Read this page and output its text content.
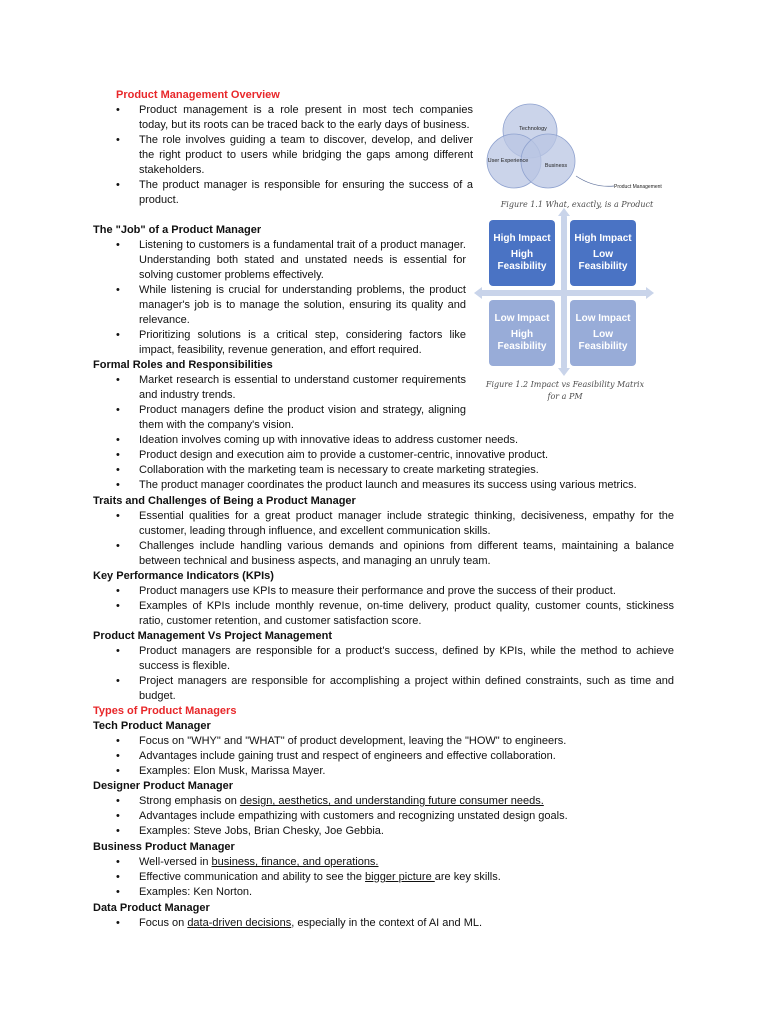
Product Management Overview
• Product management is a role present in most tech companies today, but its roots can be traced back to the early days of business.
• The role involves guiding a team to discover, develop, and deliver the right product to users while bridging the gaps among different stakeholders.
• The product manager is responsible for ensuring the success of a product.
The "Job" of a Product Manager
• Listening to customers is a fundamental trait of a product manager. Understanding both stated and unstated needs is essential for solving customer problems effectively.
• While listening is crucial for understanding problems, the product manager's job is to manage the solution, ensuring its quality and relevance.
• Prioritizing solutions is a critical step, considering factors like impact, feasibility, revenue generation, and effort required.
Formal Roles and Responsibilities
• Market research is essential to understand customer requirements and industry trends.
• Product managers define the product vision and strategy, aligning them with the company's vision.
• Ideation involves coming up with innovative ideas to address customer needs.
• Product design and execution aim to provide a customer-centric, innovative product.
• Collaboration with the marketing team is necessary to create marketing strategies.
• The product manager coordinates the product launch and measures its success using various metrics.
Traits and Challenges of Being a Product Manager
• Essential qualities for a great product manager include strategic thinking, decisiveness, empathy for the customer, leading through influence, and excellent communication skills.
• Challenges include handling various demands and opinions from different teams, maintaining a balance between technical and business aspects, and managing an unruly team.
Key Performance Indicators (KPIs)
• Product managers use KPIs to measure their performance and prove the success of their product.
• Examples of KPIs include monthly revenue, on-time delivery, product quality, customer counts, stickiness ratio, customer retention, and customer satisfaction score.
Product Management Vs Project Management
• Product managers are responsible for a product's success, defined by KPIs, while the method to achieve success is flexible.
• Project managers are responsible for accomplishing a project within defined constraints, such as time and budget.
Types of Product Managers
Tech Product Manager
• Focus on "WHY" and "WHAT" of product development, leaving the "HOW" to engineers.
• Advantages include gaining trust and respect of engineers and effective collaboration.
• Examples: Elon Musk, Marissa Mayer.
Designer Product Manager
• Strong emphasis on design, aesthetics, and understanding future consumer needs.
• Advantages include empathizing with customers and recognizing unstated design goals.
• Examples: Steve Jobs, Brian Chesky, Joe Gebbia.
Business Product Manager
• Well-versed in business, finance, and operations.
• Effective communication and ability to see the bigger picture are key skills.
• Examples: Ken Norton.
Data Product Manager
• Focus on data-driven decisions, especially in the context of AI and ML.
Technology
User Experience
Business
Product Management
Figure 1.1 What, exactly, is a Product
High Impact
High Feasibility
High Impact
Low Feasibility
Low Impact
High Feasibility
Low Impact
Low Feasibility
Figure 1.2 Impact vs Feasibility Matrix
for a PM
